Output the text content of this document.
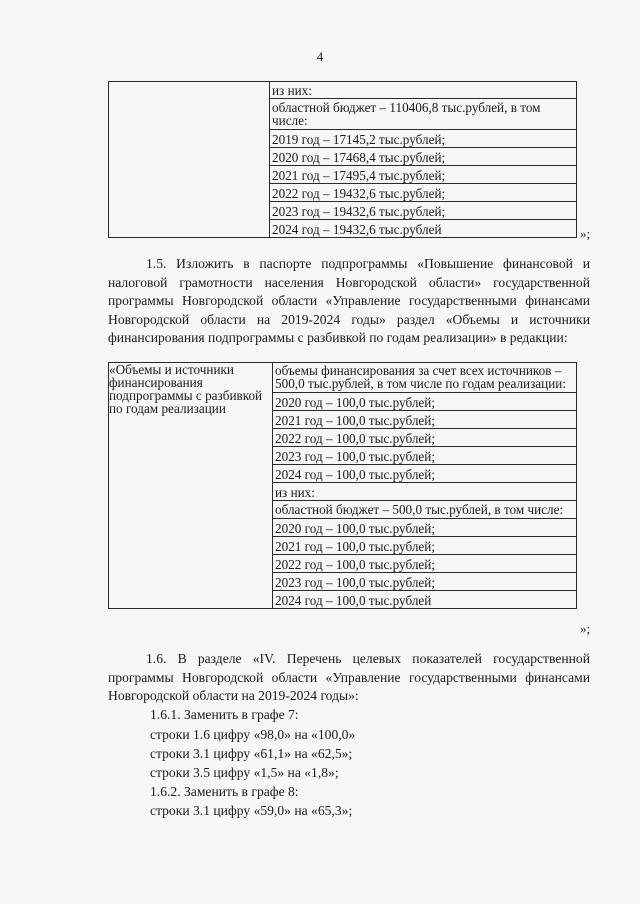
4

из них:
областной бюджет – 110406,8 тыс.рублей, в том числе:
2019 год – 17145,2 тыс.рублей;
2020 год – 17468,4 тыс.рублей;
2021 год – 17495,4 тыс.рублей;
2022 год – 19432,6 тыс.рублей;
2023 год – 19432,6 тыс.рублей;
2024 год – 19432,6 тыс.рублей	»;

1.5. Изложить в паспорте подпрограммы «Повышение финансовой и налоговой грамотности населения Новгородской области» государственной программы Новгородской области «Управление государственными финансами Новгородской области на 2019-2024 годы» раздел «Объемы и источники финансирования подпрограммы с разбивкой по годам реализации» в редакции:

«Объемы и источники финансирования подпрограммы с разбивкой по годам реализации	
объемы финансирования за счет всех источников – 500,0 тыс.рублей, в том числе по годам реализации:
2020 год – 100,0 тыс.рублей;
2021 год – 100,0 тыс.рублей;
2022 год – 100,0 тыс.рублей;
2023 год – 100,0 тыс.рублей;
2024 год – 100,0 тыс.рублей;
из них:
областной бюджет – 500,0 тыс.рублей, в том числе:
2020 год – 100,0 тыс.рублей;
2021 год – 100,0 тыс.рублей;
2022 год – 100,0 тыс.рублей;
2023 год – 100,0 тыс.рублей;
2024 год – 100,0 тыс.рублей
»;

1.6. В разделе «IV. Перечень целевых показателей государственной программы Новгородской области «Управление государственными финансами Новгородской области на 2019-2024 годы»:

1.6.1. Заменить в графе 7:

строки 1.6 цифру «98,0» на «100,0»

строки 3.1 цифру «61,1» на «62,5»;

строки 3.5 цифру «1,5» на «1,8»;

1.6.2. Заменить в графе 8:

строки 3.1 цифру «59,0» на «65,3»;
